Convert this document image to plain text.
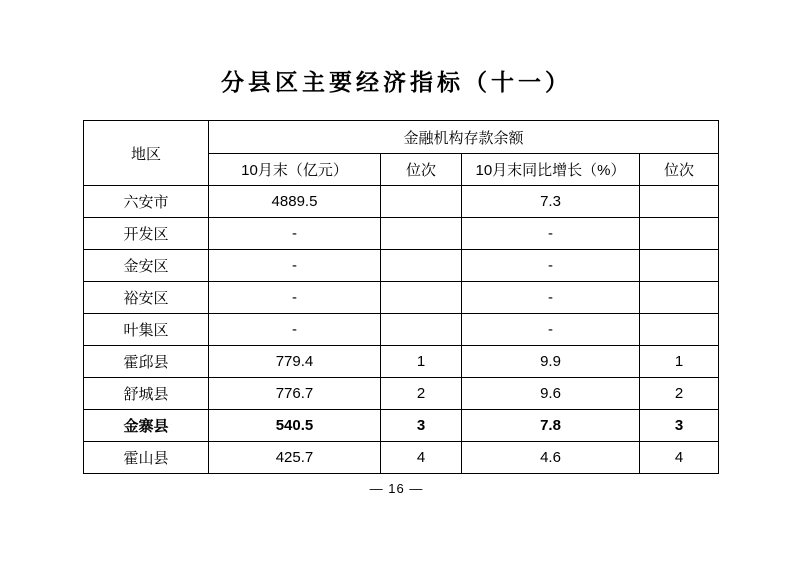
分县区主要经济指标（十一）
地区	金融机构存款余额			
	10月末（亿元）	位次	10月末同比增长（%）	位次
六安市	4889.5		7.3	
开发区	-		-	
金安区	-		-	
裕安区	-		-	
叶集区	-		-	
霍邱县	779.4	1	9.9	1
舒城县	776.7	2	9.6	2
金寨县	540.5	3	7.8	3
霍山县	425.7	4	4.6	4
— 16 —
